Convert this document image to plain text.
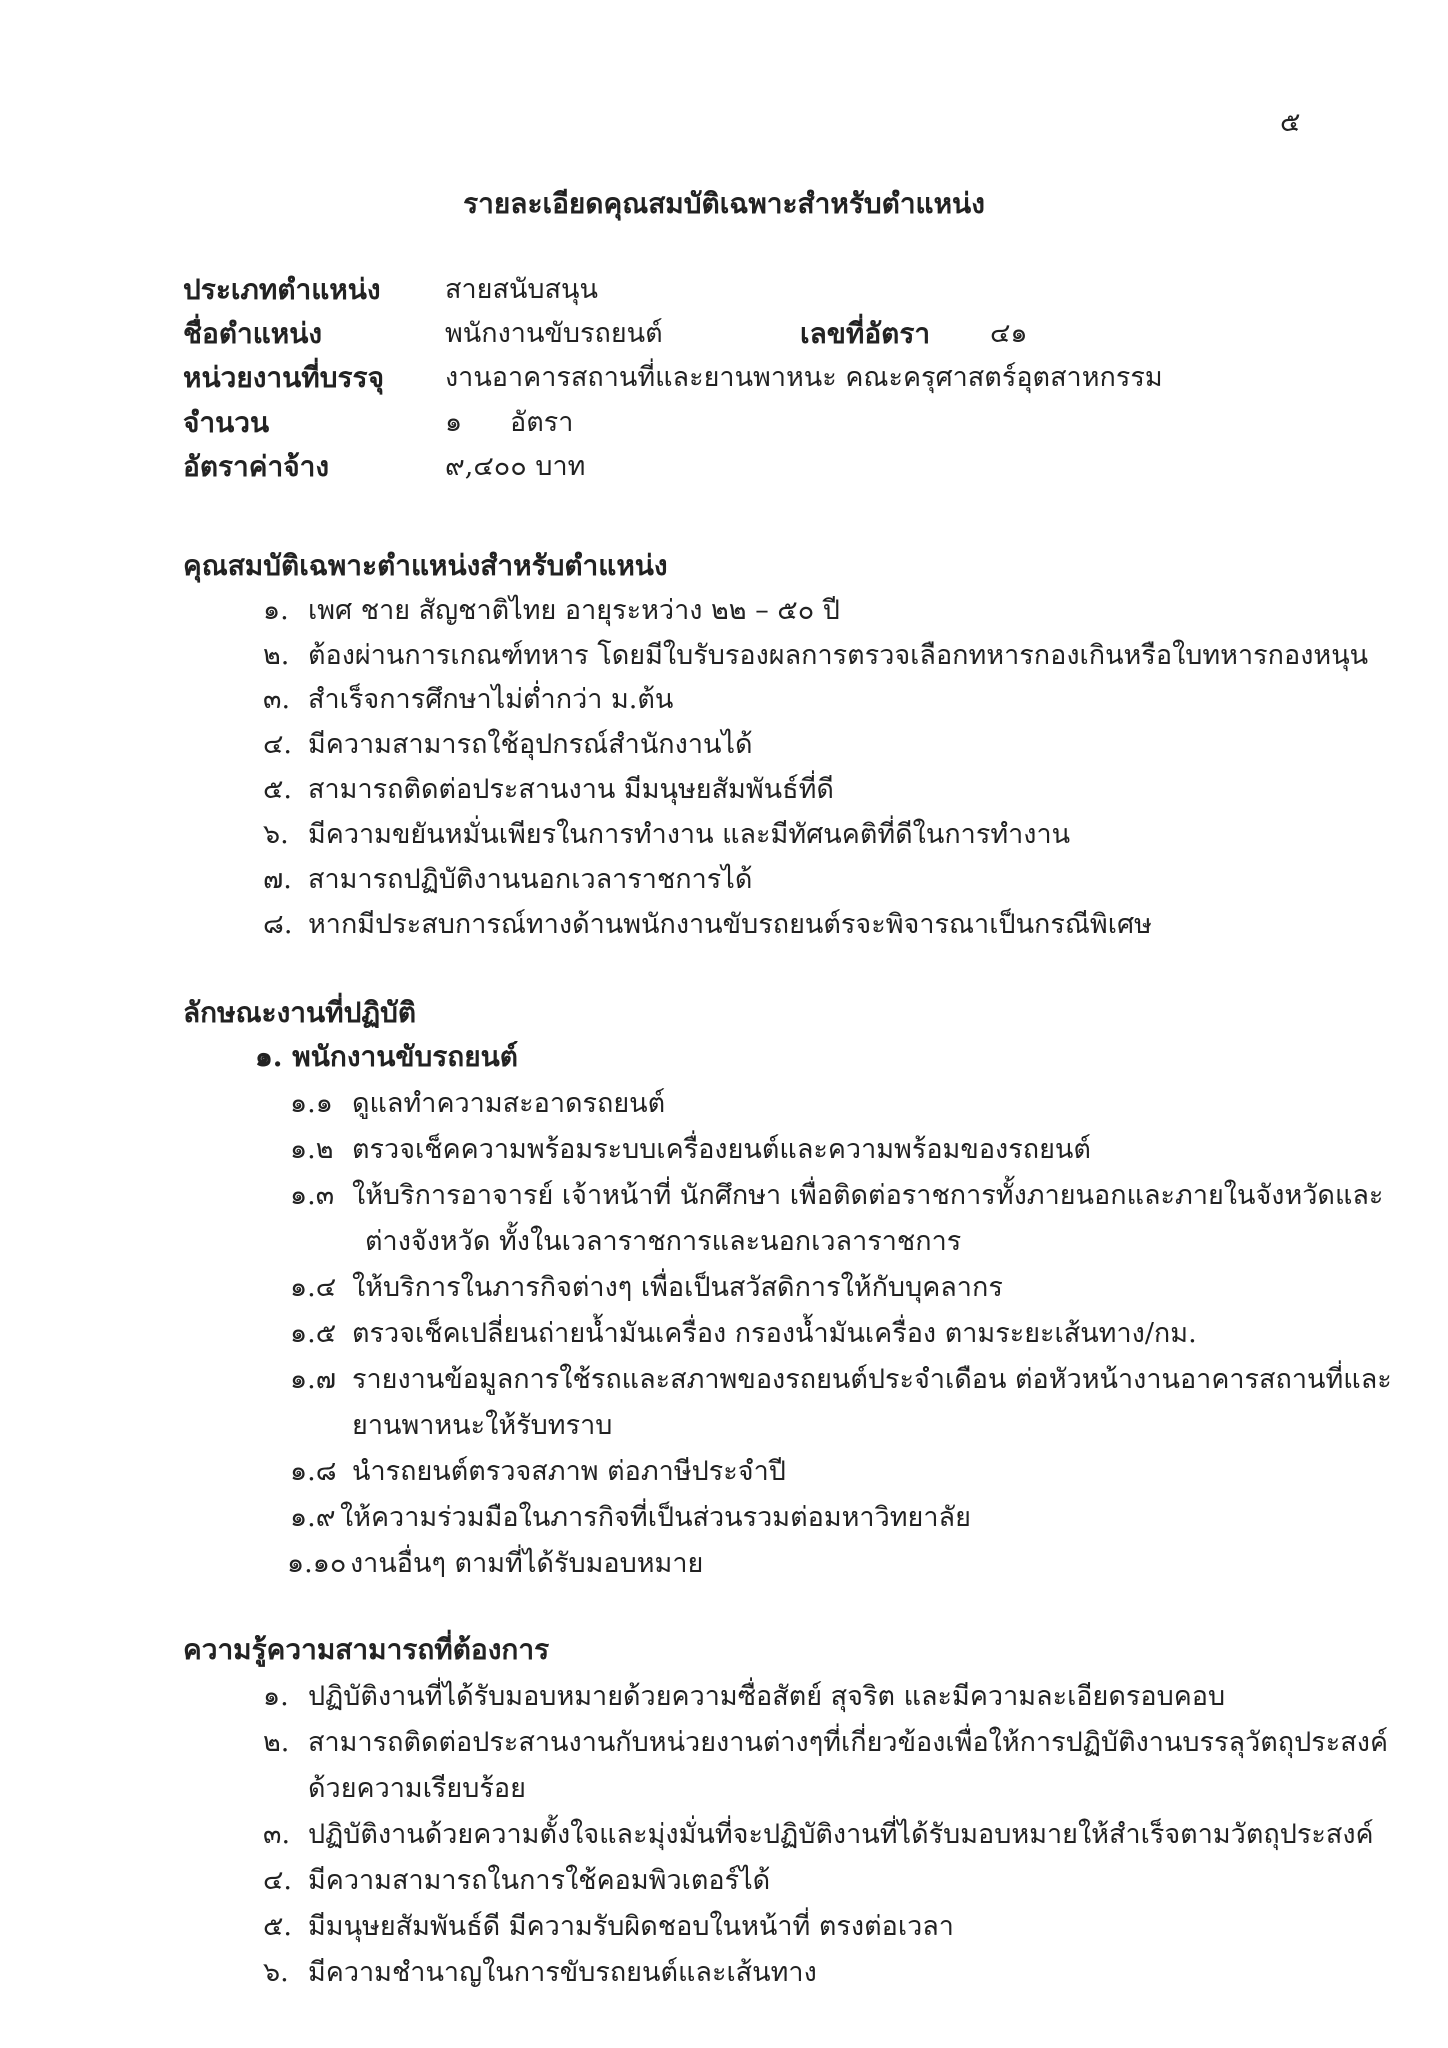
๕
รายละเอียดคุณสมบัติเฉพาะสำหรับตำแหน่ง
ประเภทตำแหน่ง สายสนับสนุน
ชื่อตำแหน่ง	พนักงานขับรถยนต์	เลขที่อัตรา ๔๑
หน่วยงานที่บรรจุ งานอาคารสถานที่และยานพาหนะ คณะครุศาสตร์อุตสาหกรรม
จำนวน	๑ อัตรา
อัตราค่าจ้าง	๙,๔๐๐ บาท
คุณสมบัติเฉพาะตำแหน่งสำหรับตำแหน่ง
๑. เพศ ชาย สัญชาติไทย อายุระหว่าง ๒๒ – ๕๐ ปี
๒. ต้องผ่านการเกณฑ์ทหาร โดยมีใบรับรองผลการตรวจเลือกทหารกองเกินหรือใบทหารกองหนุน
๓. สำเร็จการศึกษาไม่ต่ำกว่า ม.ต้น
๔. มีความสามารถใช้อุปกรณ์สำนักงานได้
๕. สามารถติดต่อประสานงาน มีมนุษยสัมพันธ์ที่ดี
๖. มีความขยันหมั่นเพียรในการทำงาน และมีทัศนคติที่ดีในการทำงาน
๗. สามารถปฏิบัติงานนอกเวลาราชการได้
๘. หากมีประสบการณ์ทางด้านพนักงานขับรถยนต์รจะพิจารณาเป็นกรณีพิเศษ
ลักษณะงานที่ปฏิบัติ
๑. พนักงานขับรถยนต์
๑.๑ ดูแลทำความสะอาดรถยนต์
๑.๒ ตรวจเช็คความพร้อมระบบเครื่องยนต์และความพร้อมของรถยนต์
๑.๓ ให้บริการอาจารย์ เจ้าหน้าที่ นักศึกษา เพื่อติดต่อราชการทั้งภายนอกและภายในจังหวัดและ
ต่างจังหวัด ทั้งในเวลาราชการและนอกเวลาราชการ
๑.๔ ให้บริการในภารกิจต่างๆ เพื่อเป็นสวัสดิการให้กับบุคลากร
๑.๕ ตรวจเช็คเปลี่ยนถ่ายน้ำมันเครื่อง กรองน้ำมันเครื่อง ตามระยะเส้นทาง/กม.
๑.๗ รายงานข้อมูลการใช้รถและสภาพของรถยนต์ประจำเดือน ต่อหัวหน้างานอาคารสถานที่และ
ยานพาหนะให้รับทราบ
๑.๘ นำรถยนต์ตรวจสภาพ ต่อภาษีประจำปี
๑.๙ ให้ความร่วมมือในภารกิจที่เป็นส่วนรวมต่อมหาวิทยาลัย
๑.๑๐ งานอื่นๆ ตามที่ได้รับมอบหมาย
ความรู้ความสามารถที่ต้องการ
๑. ปฏิบัติงานที่ได้รับมอบหมายด้วยความซื่อสัตย์ สุจริต และมีความละเอียดรอบคอบ
๒. สามารถติดต่อประสานงานกับหน่วยงานต่างๆที่เกี่ยวข้องเพื่อให้การปฏิบัติงานบรรลุวัตถุประสงค์
ด้วยความเรียบร้อย
๓. ปฏิบัติงานด้วยความตั้งใจและมุ่งมั่นที่จะปฏิบัติงานที่ได้รับมอบหมายให้สำเร็จตามวัตถุประสงค์
๔. มีความสามารถในการใช้คอมพิวเตอร์ได้
๕. มีมนุษยสัมพันธ์ดี มีความรับผิดชอบในหน้าที่ ตรงต่อเวลา
๖. มีความชำนาญในการขับรถยนต์และเส้นทาง
